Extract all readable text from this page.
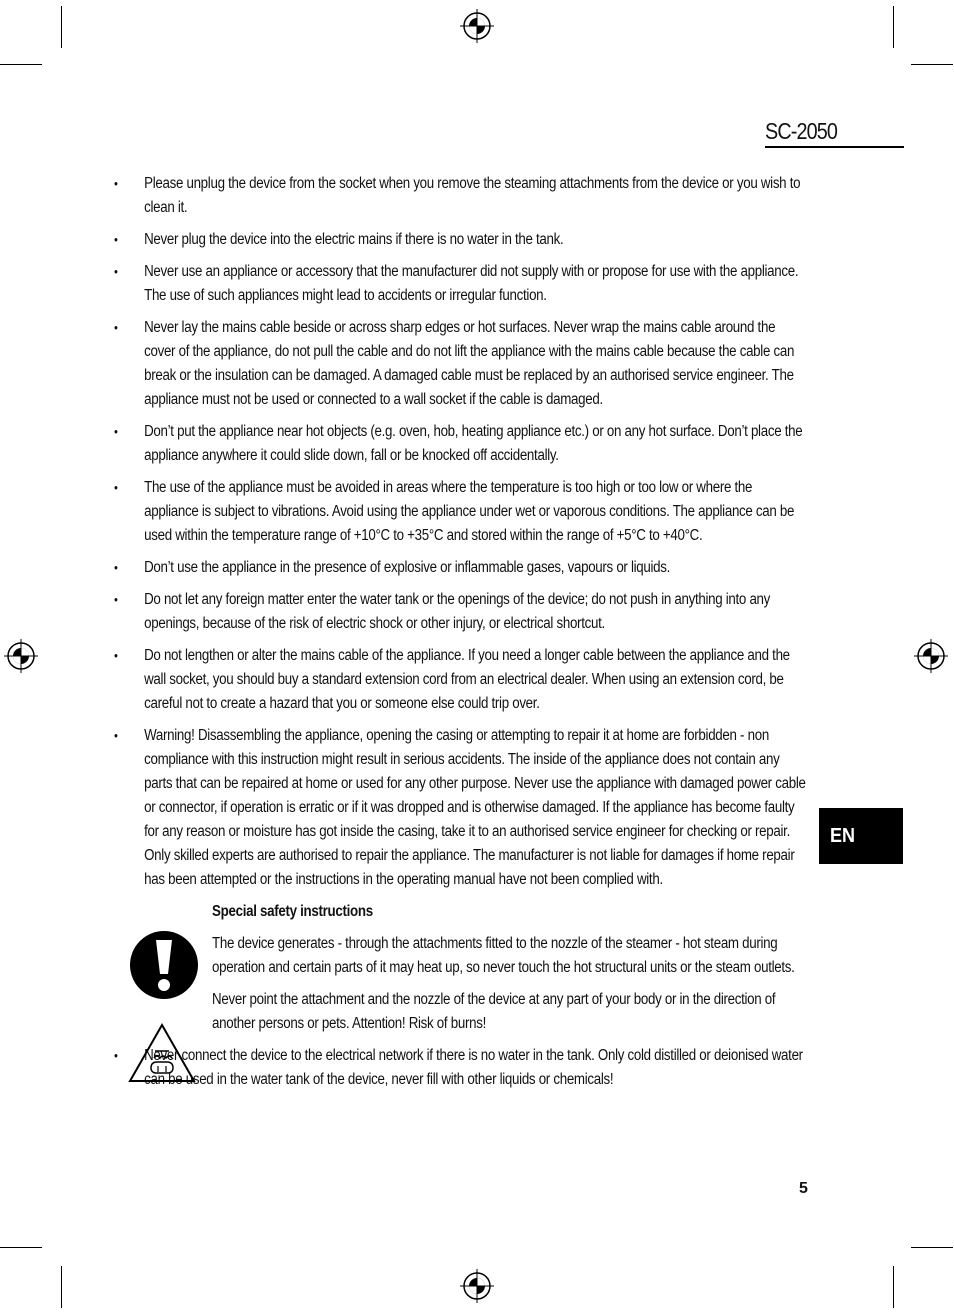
SC-2050
• Please unplug the device from the socket when you remove the steaming attachments from the device or you wish to clean it.
• Never plug the device into the electric mains if there is no water in the tank.
• Never use an appliance or accessory that the manufacturer did not supply with or propose for use with the appliance. The use of such appliances might lead to accidents or irregular function.
• Never lay the mains cable beside or across sharp edges or hot surfaces. Never wrap the mains cable around the cover of the appliance, do not pull the cable and do not lift the appliance with the mains cable because the cable can break or the insulation can be damaged. A damaged cable must be replaced by an authorised service engineer. The appliance must not be used or connected to a wall socket if the cable is damaged.
• Don’t put the appliance near hot objects (e.g. oven, hob, heating appliance etc.) or on any hot surface. Don’t place the appliance anywhere it could slide down, fall or be knocked off accidentally.
• The use of the appliance must be avoided in areas where the temperature is too high or too low or where the appliance is subject to vibrations. Avoid using the appliance under wet or vaporous conditions. The appliance can be used within the temperature range of +10°C to +35°C and stored within the range of +5°C to +40°C.
• Don’t use the appliance in the presence of explosive or inflammable gases, vapours or liquids.
• Do not let any foreign matter enter the water tank or the openings of the device; do not push in anything into any openings, because of the risk of electric shock or other injury, or electrical shortcut.
• Do not lengthen or alter the mains cable of the appliance. If you need a longer cable between the appliance and the wall socket, you should buy a standard extension cord from an electrical dealer. When using an extension cord, be careful not to create a hazard that you or someone else could trip over.
• Warning! Disassembling the appliance, opening the casing or attempting to repair it at home are forbidden - non compliance with this instruction might result in serious accidents. The inside of the appliance does not contain any parts that can be repaired at home or used for any other purpose. Never use the appliance with damaged power cable or connector, if operation is erratic or if it was dropped and is otherwise damaged. If the appliance has become faulty for any reason or moisture has got inside the casing, take it to an authorised service engineer for checking or repair. Only skilled experts are authorised to repair the appliance. The manufacturer is not liable for damages if home repair has been attempted or the instructions in the operating manual have not been complied with.
Special safety instructions

The device generates - through the attachments fitted to the nozzle of the steamer - hot steam during operation and certain parts of it may heat up, so never touch the hot structural units or the steam outlets.

Never point the attachment and the nozzle of the device at any part of your body or in the direction of another persons or pets. Attention! Risk of burns!

• Never connect the device to the electrical network if there is no water in the tank. Only cold distilled or deionised water can be used in the water tank of the device, never fill with other liquids or chemicals!
EN
5
